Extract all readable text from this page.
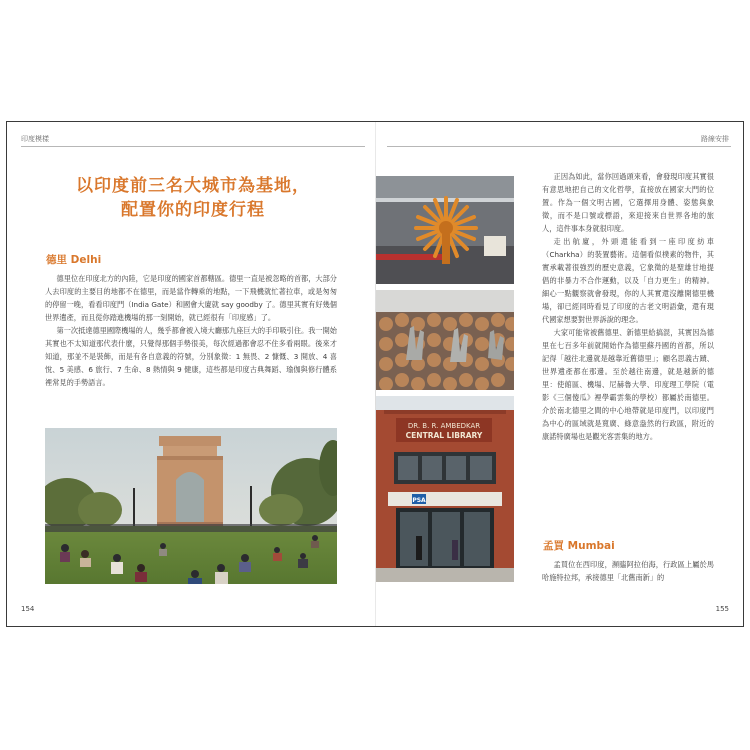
印度模樣	路線安排
以印度前三名大城市為基地，
配置你的印度行程
德里 Delhi

德里位在印度北方的內陸，它是印度的國家首都轄區。德里一直是被忽略的首都，大部分人去印度的主要目的地都不在德里，而是當作轉乘的地點，一下飛機就忙著拉車，或是匆匆的停留一晚，看看印度門（India Gate）和國會大廈就 say goodby 了。德里其實有好幾個世界遺產，而且從你踏進機場的那一刻開始，就已經很有「印度感」了。

第一次抵達德里國際機場的人，幾乎都會被入境大廳那九座巨大的手印吸引住。我一開始其實也不太知道那代表什麼，只覺得那個手勢很美，每次經過都會忍不住多看兩眼。後來才知道，那並不是裝飾，而是有各自意義的符號，分別象徵：1 無畏、2 慷慨、3 開放、4 喜悅、5 美感、6 旅行、7 生命、8 熱情與 9 健康，這些都是印度古典舞蹈、瑜伽與修行體系裡常見的手勢語言。

154
DR. B. R. AMBEDKAR
CENTRAL LIBRARY
PSA

正因為如此，當你回過頭來看，會發現印度其實很有意思地把自己的文化哲學，直接放在國家大門的位置。作為一個文明古國，它選擇用身體、姿態與象徵，而不是口號或標語，來迎接來自世界各地的旅人，這件事本身就很印度。

走出航廈，外頭還能看到一座印度紡車（Charkha）的裝置藝術。這個看似樸素的物件，其實承載著很強烈的歷史意義，它象徵的是聖雄甘地提倡的非暴力不合作運動，以及「自力更生」的精神。細心一點觀察就會發現，你的人其實還沒離開德里機場，卻已經同時看見了印度的古老文明語彙，還有現代國家想要對世界訴說的理念。

大家可能常被舊德里、新德里給搞混，其實因為德里在七百多年前就開始作為德里蘇丹國的首都，所以記得「越往北邊就是越靠近舊德里」；顧名思義古蹟、世界遺產都在那邊。至於越往南邊，就是越新的德里：使館區、機場、尼赫魯大學、印度理工學院（電影《三個傻瓜》裡學霸雲集的學校）都屬於南德里。介於南北德里之間的中心地帶就是印度門，以印度門為中心的區域就是寬廣、綠意盎然的行政區，附近的康諾特廣場也是觀光客雲集的地方。

孟買 Mumbai

孟買位在西印度，瀕臨阿拉伯海，行政區上屬於馬哈施特拉邦，承接德里「北舊南新」的

155
